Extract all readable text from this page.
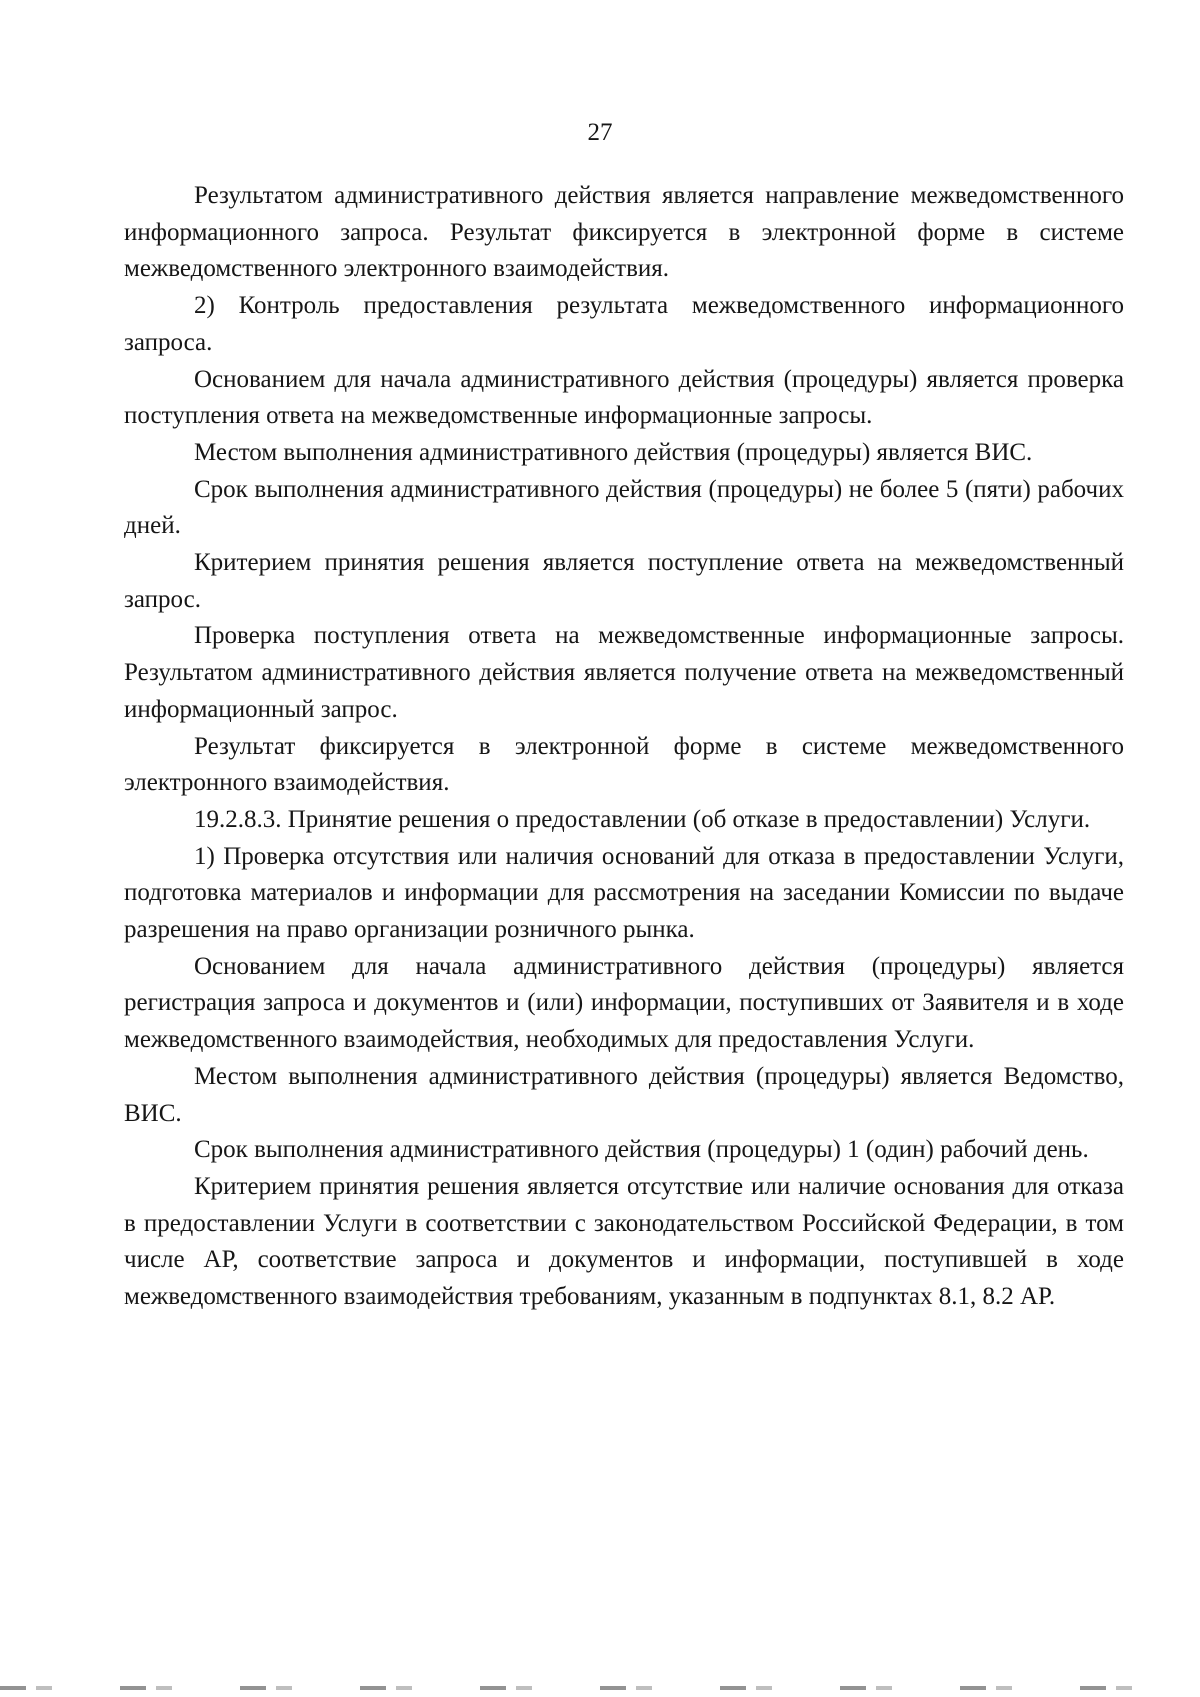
27

Результатом административного действия является направление межведомственного информационного запроса. Результат фиксируется в электронной форме в системе межведомственного электронного взаимодействия.

2) Контроль предоставления результата межведомственного информационного запроса.

Основанием для начала административного действия (процедуры) является проверка поступления ответа на межведомственные информационные запросы.

Местом выполнения административного действия (процедуры) является ВИС.

Срок выполнения административного действия (процедуры) не более 5 (пяти) рабочих дней.

Критерием принятия решения является поступление ответа на межведомственный запрос.

Проверка поступления ответа на межведомственные информационные запросы. Результатом административного действия является получение ответа на межведомственный информационный запрос.

Результат фиксируется в электронной форме в системе межведомственного электронного взаимодействия.

19.2.8.3. Принятие решения о предоставлении (об отказе в предоставлении) Услуги.

1) Проверка отсутствия или наличия оснований для отказа в предоставлении Услуги, подготовка материалов и информации для рассмотрения на заседании Комиссии по выдаче разрешения на право организации розничного рынка.

Основанием для начала административного действия (процедуры) является регистрация запроса и документов и (или) информации, поступивших от Заявителя и в ходе межведомственного взаимодействия, необходимых для предоставления Услуги.

Местом выполнения административного действия (процедуры) является Ведомство, ВИС.

Срок выполнения административного действия (процедуры) 1 (один) рабочий день.

Критерием принятия решения является отсутствие или наличие основания для отказа в предоставлении Услуги в соответствии с законодательством Российской Федерации, в том числе АР, соответствие запроса и документов и информации, поступившей в ходе межведомственного взаимодействия требованиям, указанным в подпунктах 8.1, 8.2 АР.
